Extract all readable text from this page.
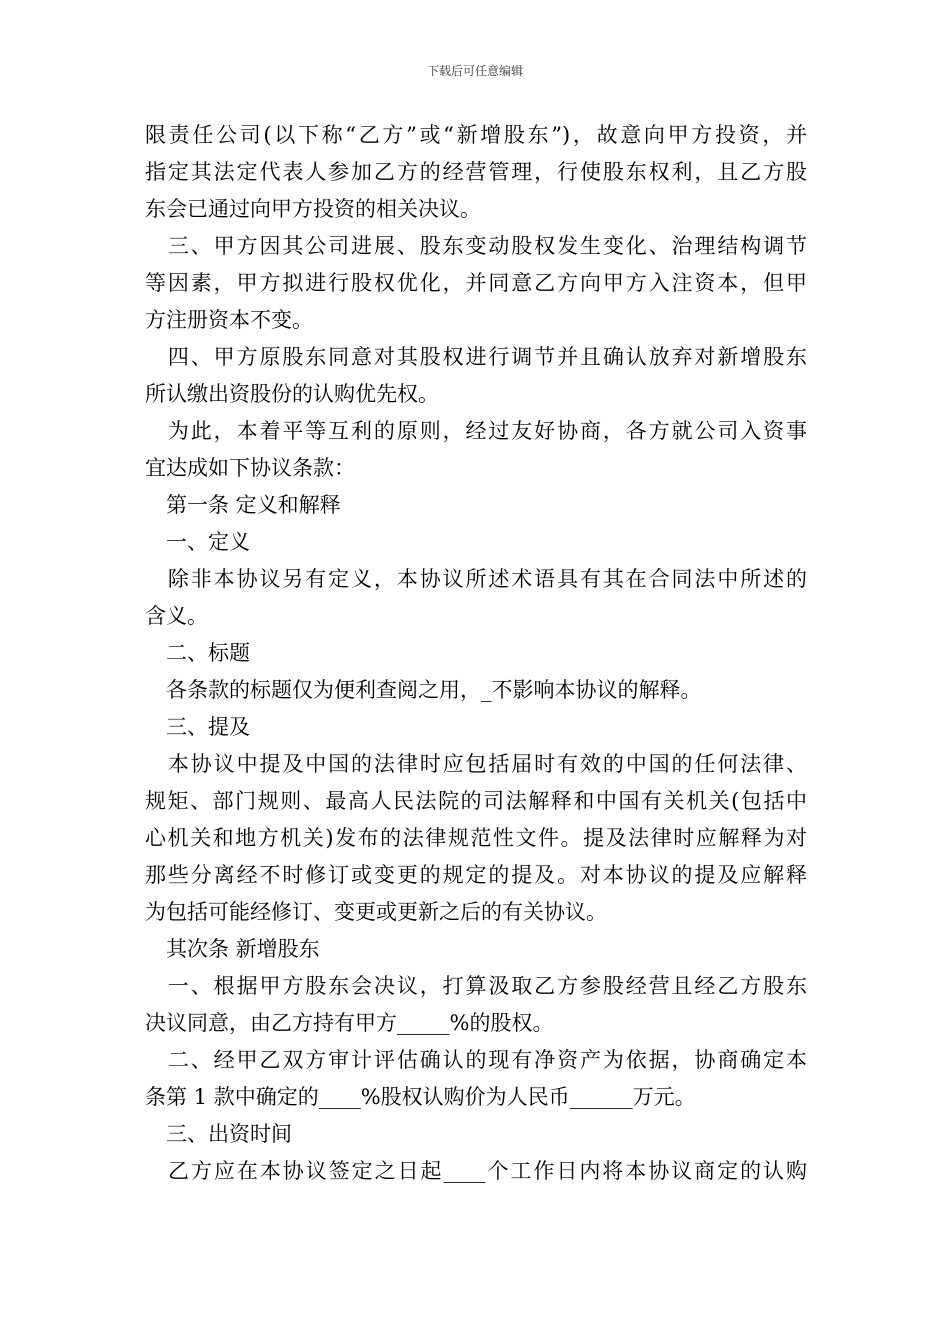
下载后可任意编辑
限责任公司(以下称“乙方”或“新增股东”)，故意向甲方投资，并
指定其法定代表人参加乙方的经营管理，行使股东权利，且乙方股
东会已通过向甲方投资的相关决议。
　三、甲方因其公司进展、股东变动股权发生变化、治理结构调节
等因素，甲方拟进行股权优化，并同意乙方向甲方入注资本，但甲
方注册资本不变。
　四、甲方原股东同意对其股权进行调节并且确认放弃对新增股东
所认缴出资股份的认购优先权。
　为此，本着平等互利的原则，经过友好协商，各方就公司入资事
宜达成如下协议条款：
　第一条 定义和解释
　一、定义
　除非本协议另有定义，本协议所述术语具有其在合同法中所述的
含义。
　二、标题
　各条款的标题仅为便利查阅之用，_不影响本协议的解释。
　三、提及
　本协议中提及中国的法律时应包括届时有效的中国的任何法律、
规矩、部门规则、最高人民法院的司法解释和中国有关机关(包括中
心机关和地方机关)发布的法律规范性文件。提及法律时应解释为对
那些分离经不时修订或变更的规定的提及。对本协议的提及应解释
为包括可能经修订、变更或更新之后的有关协议。
　其次条 新增股东
　一、根据甲方股东会决议，打算汲取乙方参股经营且经乙方股东
决议同意，由乙方持有甲方_____%的股权。
　二、经甲乙双方审计评估确认的现有净资产为依据，协商确定本
条第 1 款中确定的____%股权认购价为人民币______万元。
　三、出资时间
　乙方应在本协议签定之日起____个工作日内将本协议商定的认购
